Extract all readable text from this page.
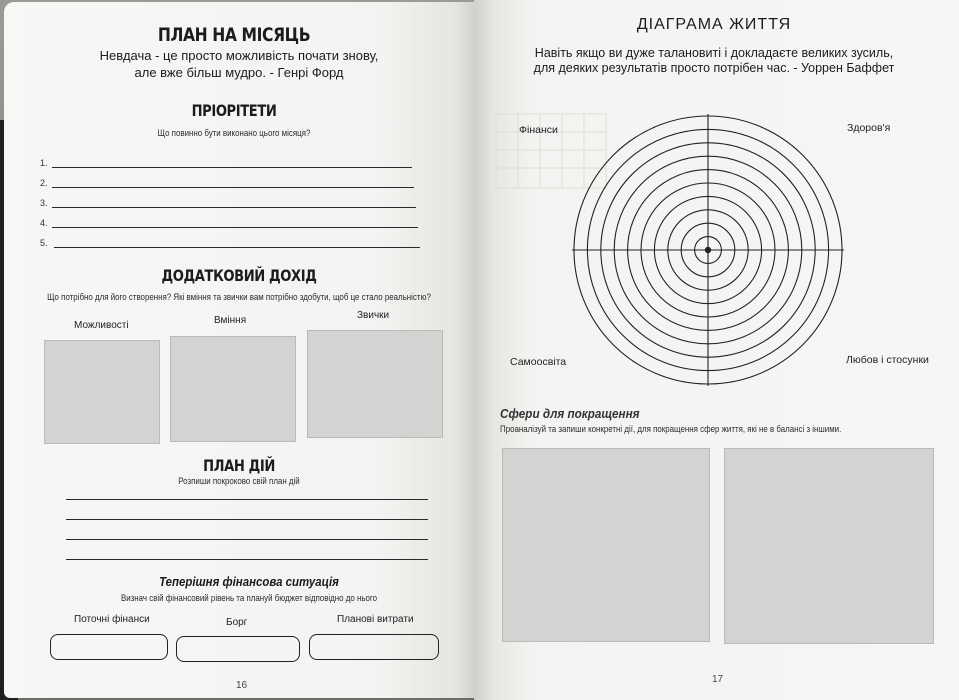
ПЛАН НА МІСЯЦЬ
Невдача - це просто можливість почати знову,
але вже більш мудро. - Генрі Форд
ПРІОРІТЕТИ
Що повинно бути виконано цього місяця?
1.
2.
3.
4.
5.
ДОДАТКОВИЙ ДОХІД
Що потрібно для його створення? Які вміння та звички вам потрібно здобути, щоб це стало реальністю?
Можливості	Вміння	Звички
ПЛАН ДІЙ
Розпиши покроково свій план дій
Теперішня фінансова ситуація
Визнач свій фінансовий рівень та плануй бюджет відповідно до нього
Поточні фінанси	Борг	Планові витрати
16
ДІАГРАМА ЖИТТЯ
Навіть якщо ви дуже талановиті і докладаєте великих зусиль,
для деяких результатів просто потрібен час. - Уоррен Баффет
Фінанси	Здоров'я
Самоосвіта	Любов і стосунки
Сфери для покращення
Проаналізуй та запиши конкретні дії, для покращення сфер життя, які не в балансі з іншими.
17
